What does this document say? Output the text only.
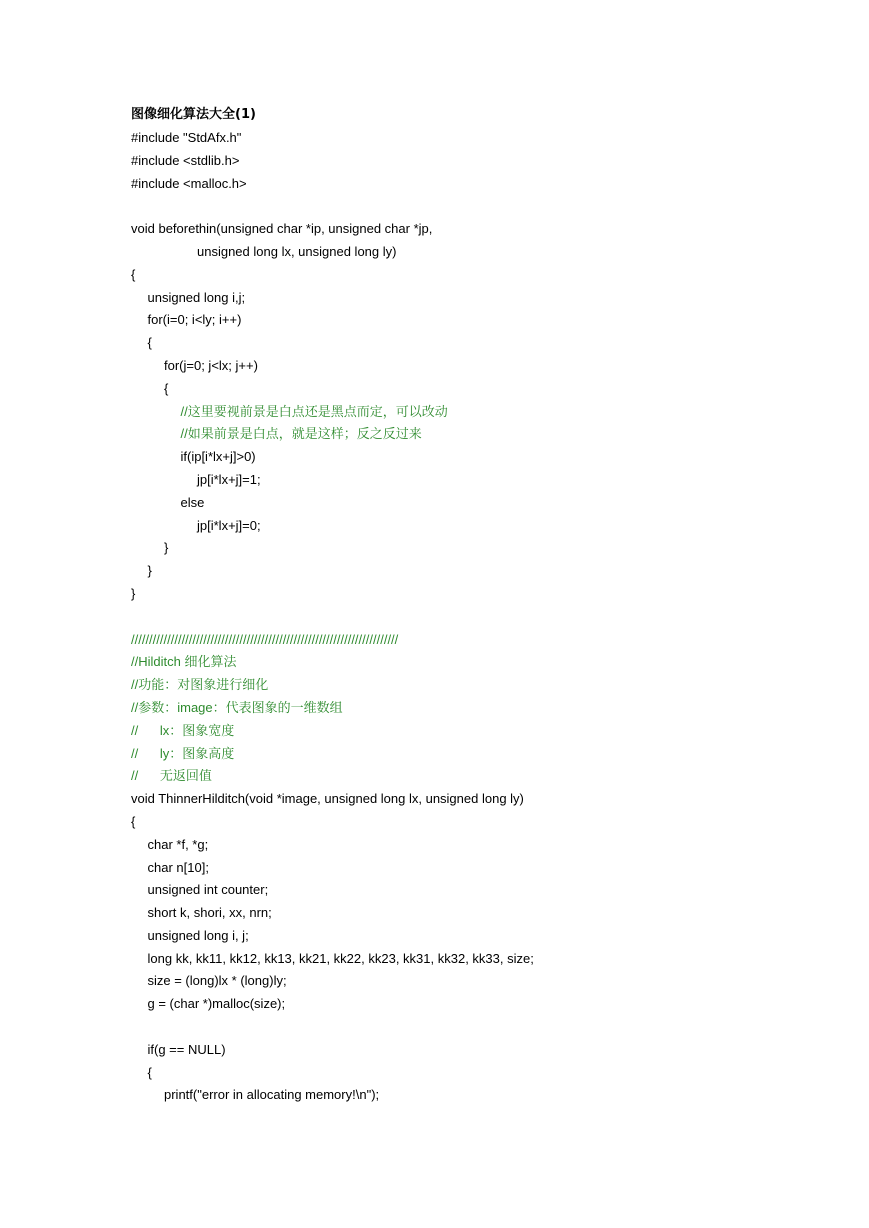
图像细化算法大全(1)
#include "StdAfx.h"
#include <stdlib.h>
#include <malloc.h>
void beforethin(unsigned char *ip, unsigned char *jp,
unsigned long lx, unsigned long ly)
{
unsigned long i,j;
for(i=0; i<ly; i++)
{
for(j=0; j<lx; j++)
{
//这里要视前景是白点还是黑点而定，可以改动
//如果前景是白点，就是这样；反之反过来
if(ip[i*lx+j]>0)
jp[i*lx+j]=1;
else
jp[i*lx+j]=0;
}
}
}
//////////////////////////////////////////////////////////////////////////
//Hilditch 细化算法
//功能：对图象进行细化
//参数：image：代表图象的一维数组
//      lx：图象宽度
//      ly：图象高度
//      无返回值
void ThinnerHilditch(void *image, unsigned long lx, unsigned long ly)
{
char *f, *g;
char n[10];
unsigned int counter;
short k, shori, xx, nrn;
unsigned long i, j;
long kk, kk11, kk12, kk13, kk21, kk22, kk23, kk31, kk32, kk33, size;
size = (long)lx * (long)ly;
g = (char *)malloc(size);
if(g == NULL)
{
printf("error in allocating memory!\n");
